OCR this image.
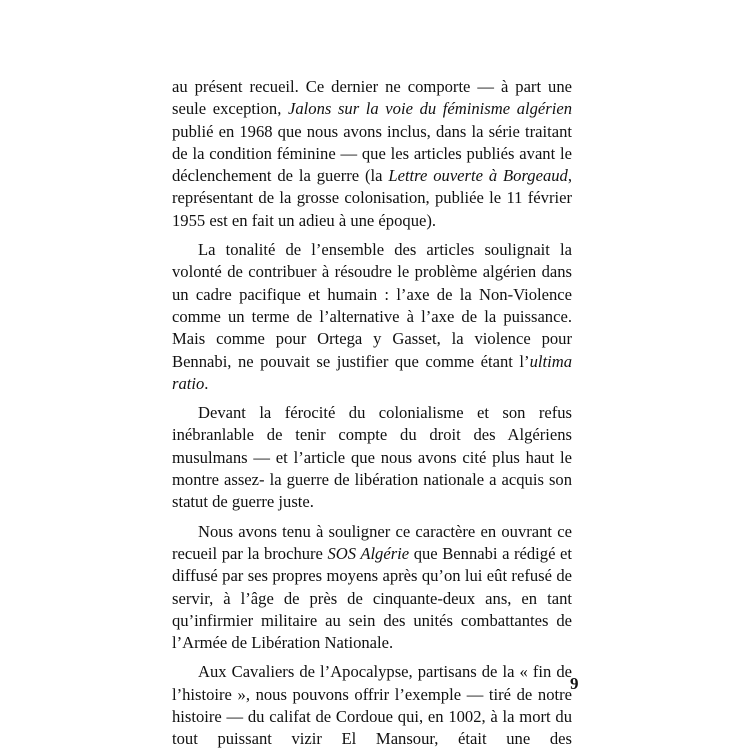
au présent recueil. Ce dernier ne comporte — à part une seule exception, Jalons sur la voie du féminisme algérien publié en 1968 que nous avons inclus, dans la série traitant de la condition féminine — que les articles publiés avant le déclenchement de la guerre (la Lettre ouverte à Borgeaud, représentant de la grosse colonisation, publiée le 11 février 1955 est en fait un adieu à une époque).

La tonalité de l’ensemble des articles soulignait la volonté de contribuer à résoudre le problème algérien dans un cadre pacifique et humain : l’axe de la Non-Violence comme un terme de l’alternative à l’axe de la puissance. Mais comme pour Ortega y Gasset, la violence pour Bennabi, ne pouvait se justifier que comme étant l’ultima ratio.

Devant la férocité du colonialisme et son refus inébranlable de tenir compte du droit des Algériens musulmans — et l’article que nous avons cité plus haut le montre assez- la guerre de libération nationale a acquis son statut de guerre juste.

Nous avons tenu à souligner ce caractère en ouvrant ce recueil par la brochure SOS Algérie que Bennabi a rédigé et diffusé par ses propres moyens après qu’on lui eût refusé de servir, à l’âge de près de cinquante-deux ans, en tant qu’infirmier militaire au sein des unités combattantes de l’Armée de Libération Nationale.

Aux Cavaliers de l’Apocalypse, partisans de la « fin de l’histoire », nous pouvons offrir l’exemple — tiré de notre histoire — du califat de Cordoue qui, en 1002, à la mort du tout puissant vizir El Mansour, était une des

9
